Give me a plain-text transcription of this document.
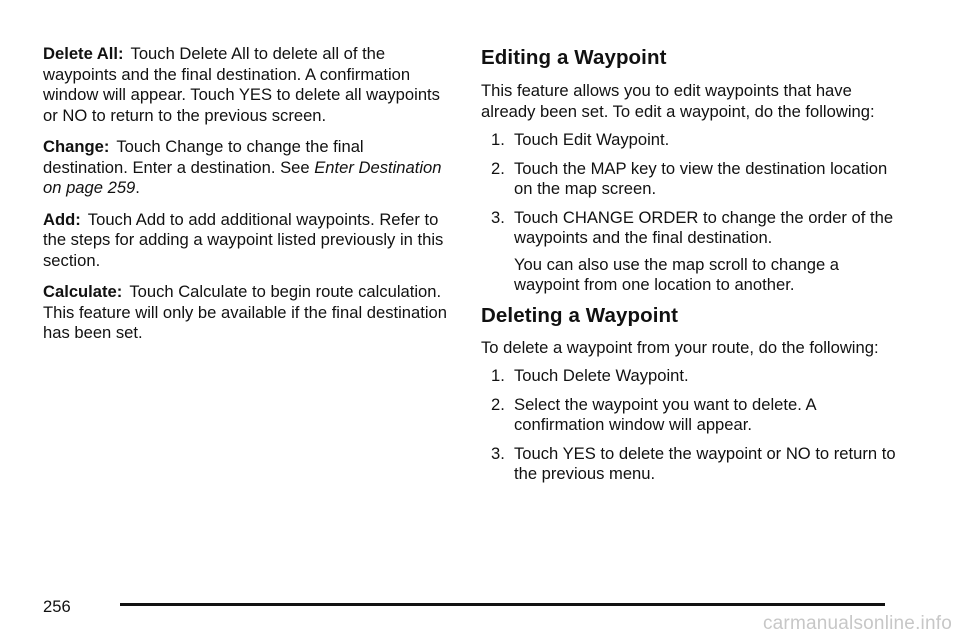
Delete All: Touch Delete All to delete all of the waypoints and the final destination. A confirmation window will appear. Touch YES to delete all waypoints or NO to return to the previous screen.

Change: Touch Change to change the final destination. Enter a destination. See Enter Destination on page 259.

Add: Touch Add to add additional waypoints. Refer to the steps for adding a waypoint listed previously in this section.

Calculate: Touch Calculate to begin route calculation. This feature will only be available if the final destination has been set.

Editing a Waypoint

This feature allows you to edit waypoints that have already been set. To edit a waypoint, do the following:

1. Touch Edit Waypoint.
2. Touch the MAP key to view the destination location on the map screen.
3. Touch CHANGE ORDER to change the order of the waypoints and the final destination.

You can also use the map scroll to change a waypoint from one location to another.

Deleting a Waypoint

To delete a waypoint from your route, do the following:

1. Touch Delete Waypoint.
2. Select the waypoint you want to delete. A confirmation window will appear.
3. Touch YES to delete the waypoint or NO to return to the previous menu.
256
carmanualsonline.info
